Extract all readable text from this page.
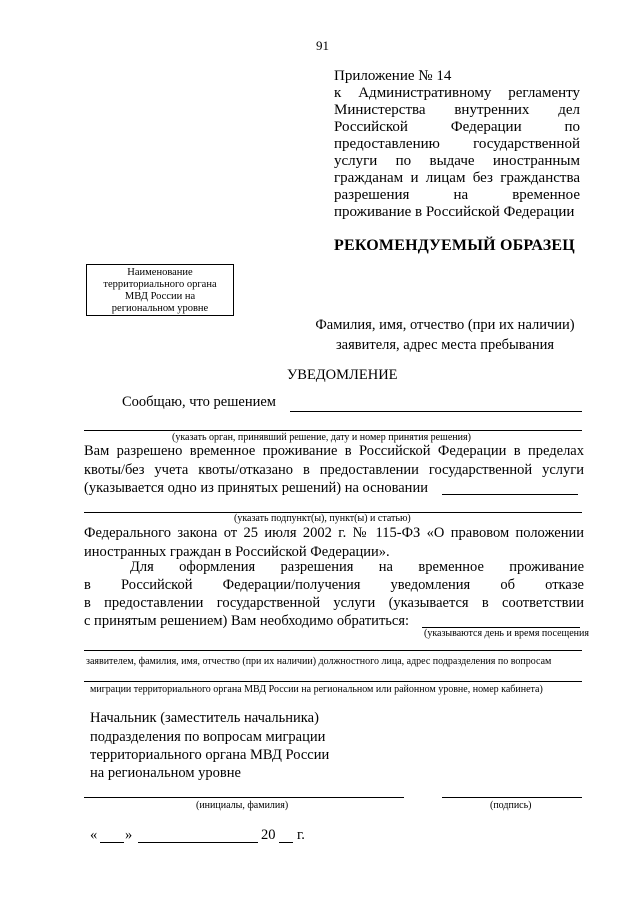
91
Приложение № 14
к Административному регламенту
Министерства внутренних дел
Российской Федерации по
предоставлению государственной
услуги по выдаче иностранным
гражданам и лицам без гражданства
разрешения на временное
проживание в Российской Федерации
РЕКОМЕНДУЕМЫЙ ОБРАЗЕЦ
Наименование
территориального органа
МВД России на
региональном уровне
Фамилия, имя, отчество (при их наличии)
заявителя, адрес места пребывания
УВЕДОМЛЕНИЕ
Сообщаю, что решением
(указать орган, принявший решение, дату и номер принятия решения)
Вам разрешено временное проживание в Российской Федерации в пределах
квоты/без учета квоты/отказано в предоставлении государственной услуги
(указывается одно из принятых решений) на основании
(указать подпункт(ы), пункт(ы) и статью)
Федерального закона от 25 июля 2002 г. № 115-ФЗ «О правовом положении
иностранных граждан в Российской Федерации».
Для оформления разрешения на временное проживание
в Российской Федерации/получения уведомления об отказе
в предоставлении государственной услуги (указывается в соответствии
с принятым решением) Вам необходимо обратиться:
(указываются день и время посещения
заявителем, фамилия, имя, отчество (при их наличии) должностного лица, адрес подразделения по вопросам
миграции территориального органа МВД России на региональном или районном уровне, номер кабинета)
Начальник (заместитель начальника)
подразделения по вопросам миграции
территориального органа МВД России
на региональном уровне
(инициалы, фамилия)	(подпись)
« »	20 г.
